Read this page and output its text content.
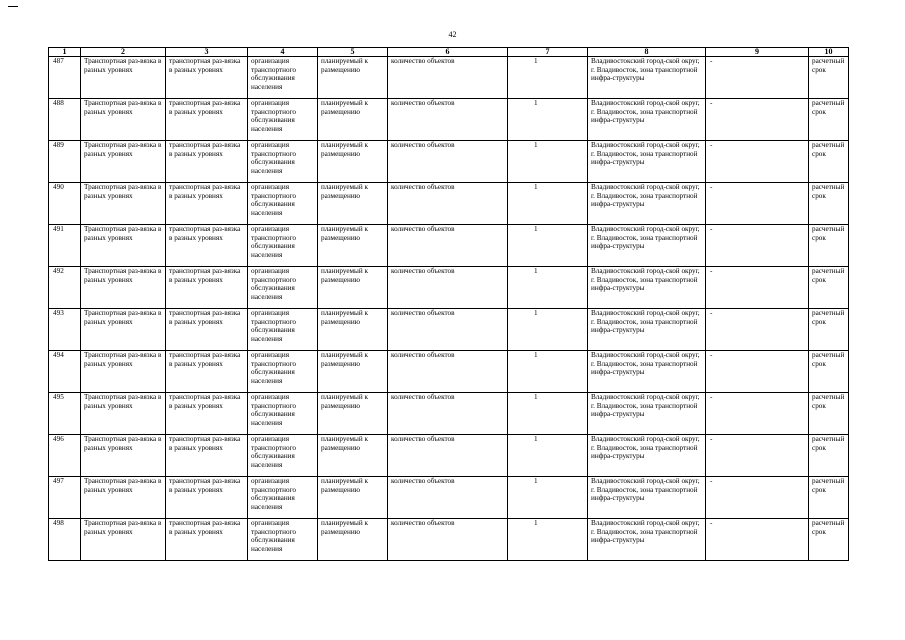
42
1	2	3	4	5	6	7	8	9	10
487	Транспортная раз-вязка в разных уровнях	транспортная раз-вязка в разных уровнях	организация транспортного обслуживания населения	планируемый к размещению	количество объектов	1	Владивостокский город-ской округ, г. Владивосток, зона транспортной инфра-структуры	-	расчетный срок
488	Транспортная раз-вязка в разных уровнях	транспортная раз-вязка в разных уровнях	организация транспортного обслуживания населения	планируемый к размещению	количество объектов	1	Владивостокский город-ской округ, г. Владивосток, зона транспортной инфра-структуры	-	расчетный срок
489	Транспортная раз-вязка в разных уровнях	транспортная раз-вязка в разных уровнях	организация транспортного обслуживания населения	планируемый к размещению	количество объектов	1	Владивостокский город-ской округ, г. Владивосток, зона транспортной инфра-структуры	-	расчетный срок
490	Транспортная раз-вязка в разных уровнях	транспортная раз-вязка в разных уровнях	организация транспортного обслуживания населения	планируемый к размещению	количество объектов	1	Владивостокский город-ской округ, г. Владивосток, зона транспортной инфра-структуры	-	расчетный срок
491	Транспортная раз-вязка в разных уровнях	транспортная раз-вязка в разных уровнях	организация транспортного обслуживания населения	планируемый к размещению	количество объектов	1	Владивостокский город-ской округ, г. Владивосток, зона транспортной инфра-структуры	-	расчетный срок
492	Транспортная раз-вязка в разных уровнях	транспортная раз-вязка в разных уровнях	организация транспортного обслуживания населения	планируемый к размещению	количество объектов	1	Владивостокский город-ской округ, г. Владивосток, зона транспортной инфра-структуры	-	расчетный срок
493	Транспортная раз-вязка в разных уровнях	транспортная раз-вязка в разных уровнях	организация транспортного обслуживания населения	планируемый к размещению	количество объектов	1	Владивостокский город-ской округ, г. Владивосток, зона транспортной инфра-структуры	-	расчетный срок
494	Транспортная раз-вязка в разных уровнях	транспортная раз-вязка в разных уровнях	организация транспортного обслуживания населения	планируемый к размещению	количество объектов	1	Владивостокский город-ской округ, г. Владивосток, зона транспортной инфра-структуры	-	расчетный срок
495	Транспортная раз-вязка в разных уровнях	транспортная раз-вязка в разных уровнях	организация транспортного обслуживания населения	планируемый к размещению	количество объектов	1	Владивостокский город-ской округ, г. Владивосток, зона транспортной инфра-структуры	-	расчетный срок
496	Транспортная раз-вязка в разных уровнях	транспортная раз-вязка в разных уровнях	организация транспортного обслуживания населения	планируемый к размещению	количество объектов	1	Владивостокский город-ской округ, г. Владивосток, зона транспортной инфра-структуры	-	расчетный срок
497	Транспортная раз-вязка в разных уровнях	транспортная раз-вязка в разных уровнях	организация транспортного обслуживания населения	планируемый к размещению	количество объектов	1	Владивостокский город-ской округ, г. Владивосток, зона транспортной инфра-структуры	-	расчетный срок
498	Транспортная раз-вязка в разных уровнях	транспортная раз-вязка в разных уровнях	организация транспортного обслуживания населения	планируемый к размещению	количество объектов	1	Владивостокский город-ской округ, г. Владивосток, зона транспортной инфра-структуры	-	расчетный срок
